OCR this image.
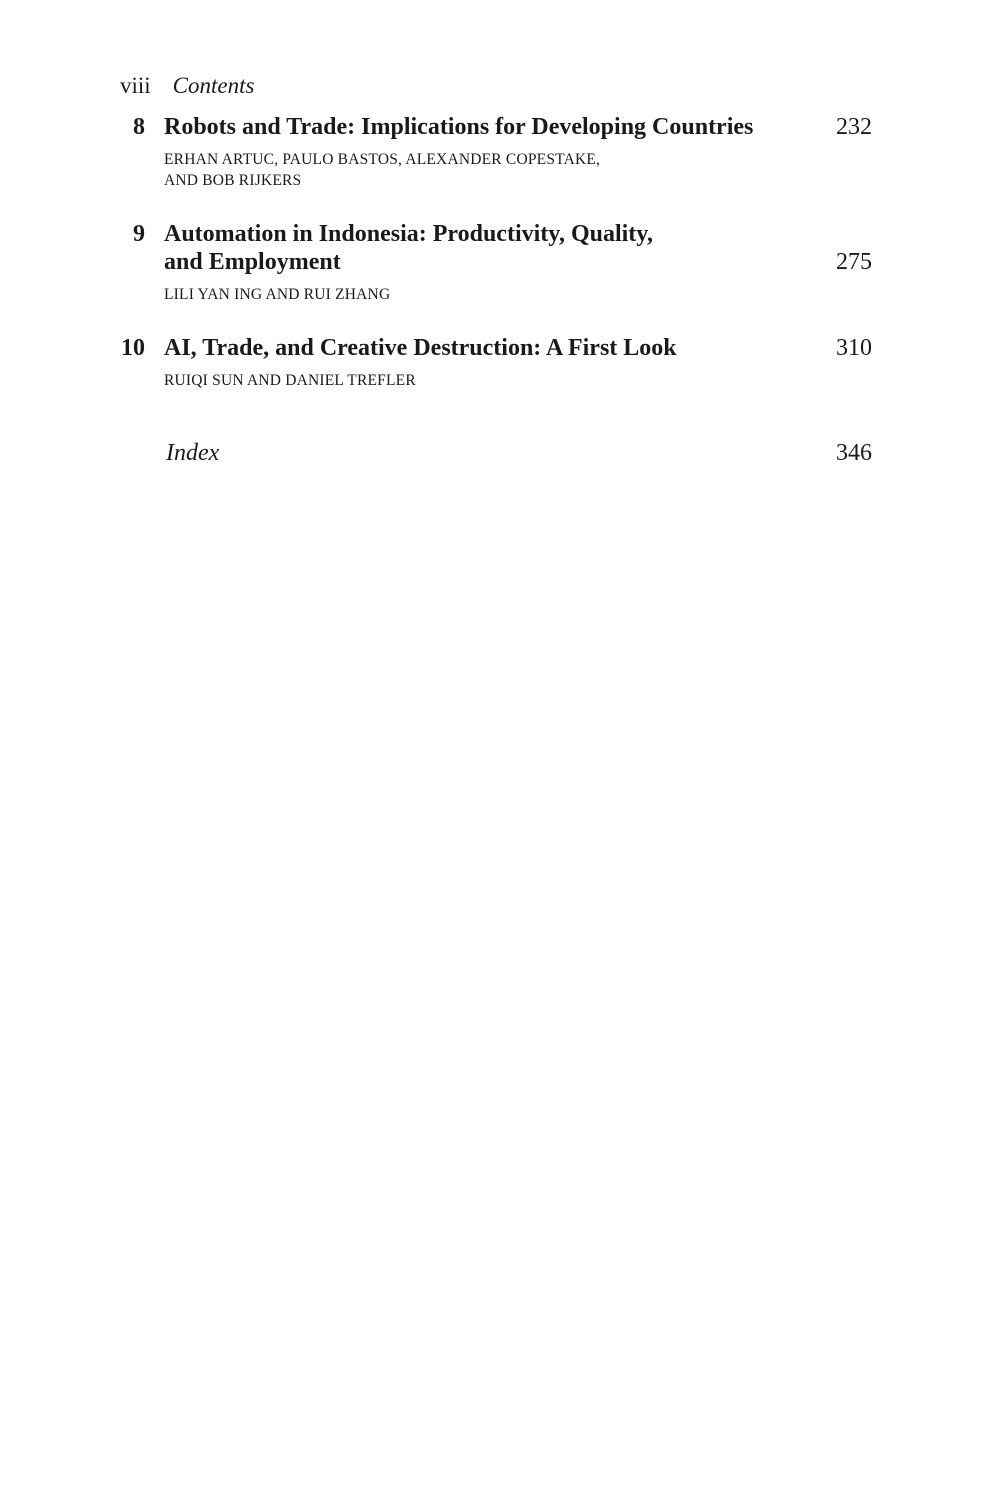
viii Contents
8 Robots and Trade: Implications for Developing Countries	232
ERHAN ARTUC, PAULO BASTOS, ALEXANDER COPESTAKE,
AND BOB RIJKERS
9 Automation in Indonesia: Productivity, Quality,
and Employment	275
LILI YAN ING AND RUI ZHANG
10 AI, Trade, and Creative Destruction: A First Look	310
RUIQI SUN AND DANIEL TREFLER
Index	346
